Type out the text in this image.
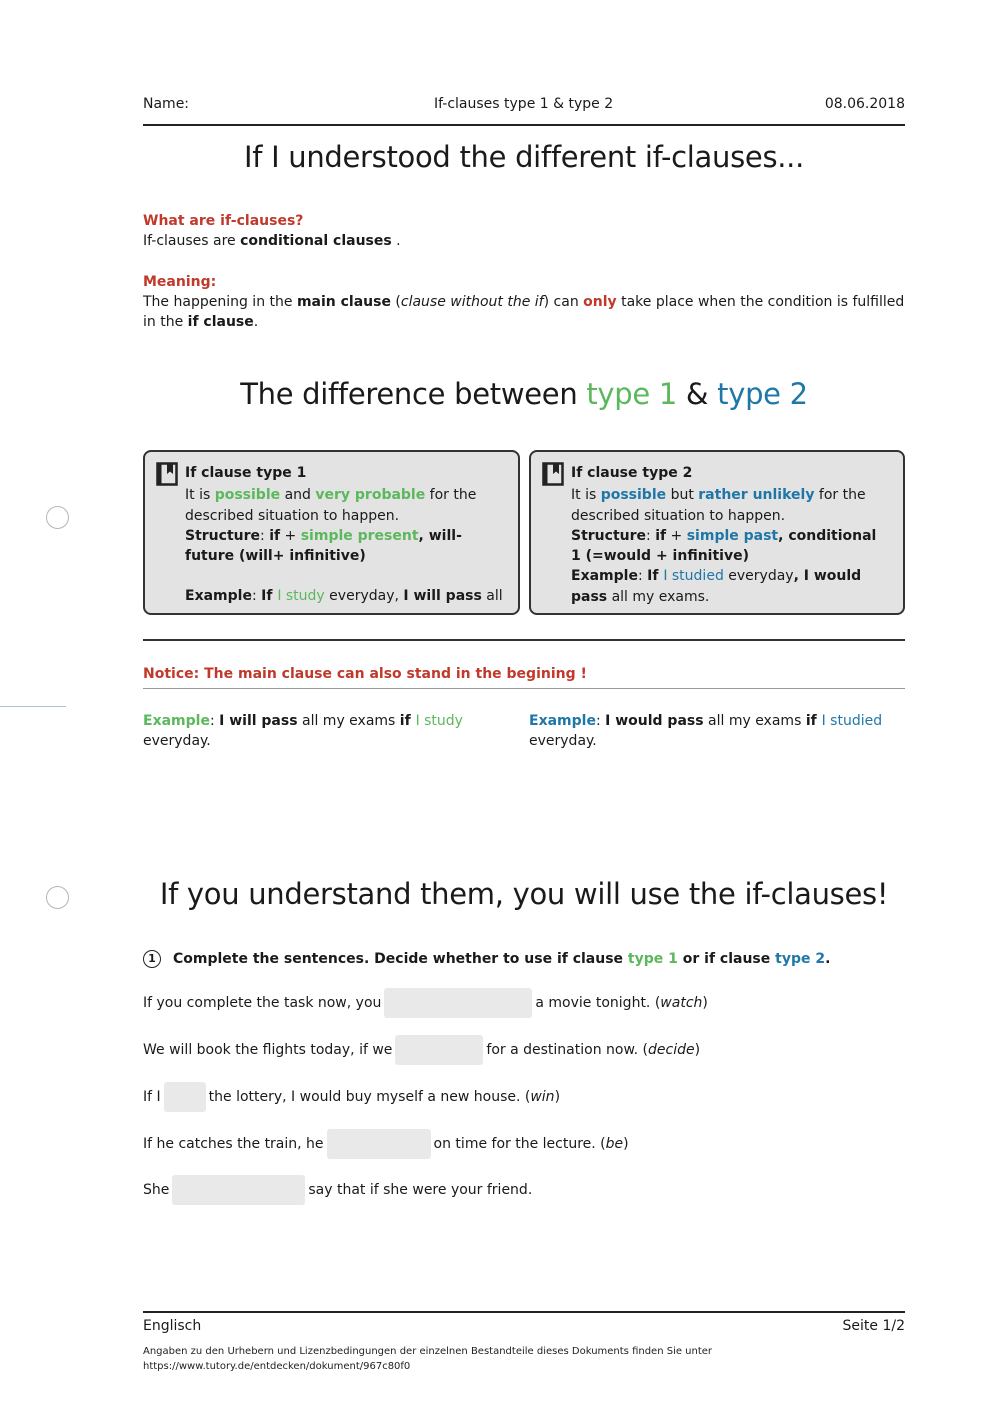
Name:	If-clauses type 1 & type 2	08.06.2018
If I understood the different if-clauses...
What are if-clauses?
If-clauses are conditional clauses .
Meaning:
The happening in the main clause (clause without the if) can only take place when the condition is fulfilled in the if clause.
The difference between type 1 & type 2
If clause type 1
It is possible and very probable for the described situation to happen.
Structure: if + simple present, will- future (will+ infinitive)
Example: If I study everyday, I will pass all
If clause type 2
It is possible but rather unlikely for the described situation to happen.
Structure: if + simple past, conditional 1 (=would + infinitive)
Example: If I studied everyday, I would pass all my exams.
Notice: The main clause can also stand in the begining !
Example: I will pass all my exams if I study
everyday.
Example: I would pass all my exams if I studied
everyday.
If you understand them, you will use the if-clauses!
1 Complete the sentences. Decide whether to use if clause type 1 or if clause type 2.
If you complete the task now, you	a movie tonight. (watch)
We will book the flights today, if we	for a destination now. (decide)
If I	the lottery, I would buy myself a new house. (win)
If he catches the train, he	on time for the lecture. (be)
She	say that if she were your friend.
Englisch	Seite 1/2
Angaben zu den Urhebern und Lizenzbedingungen der einzelnen Bestandteile dieses Dokuments finden Sie unter
https://www.tutory.de/entdecken/dokument/967c80f0
